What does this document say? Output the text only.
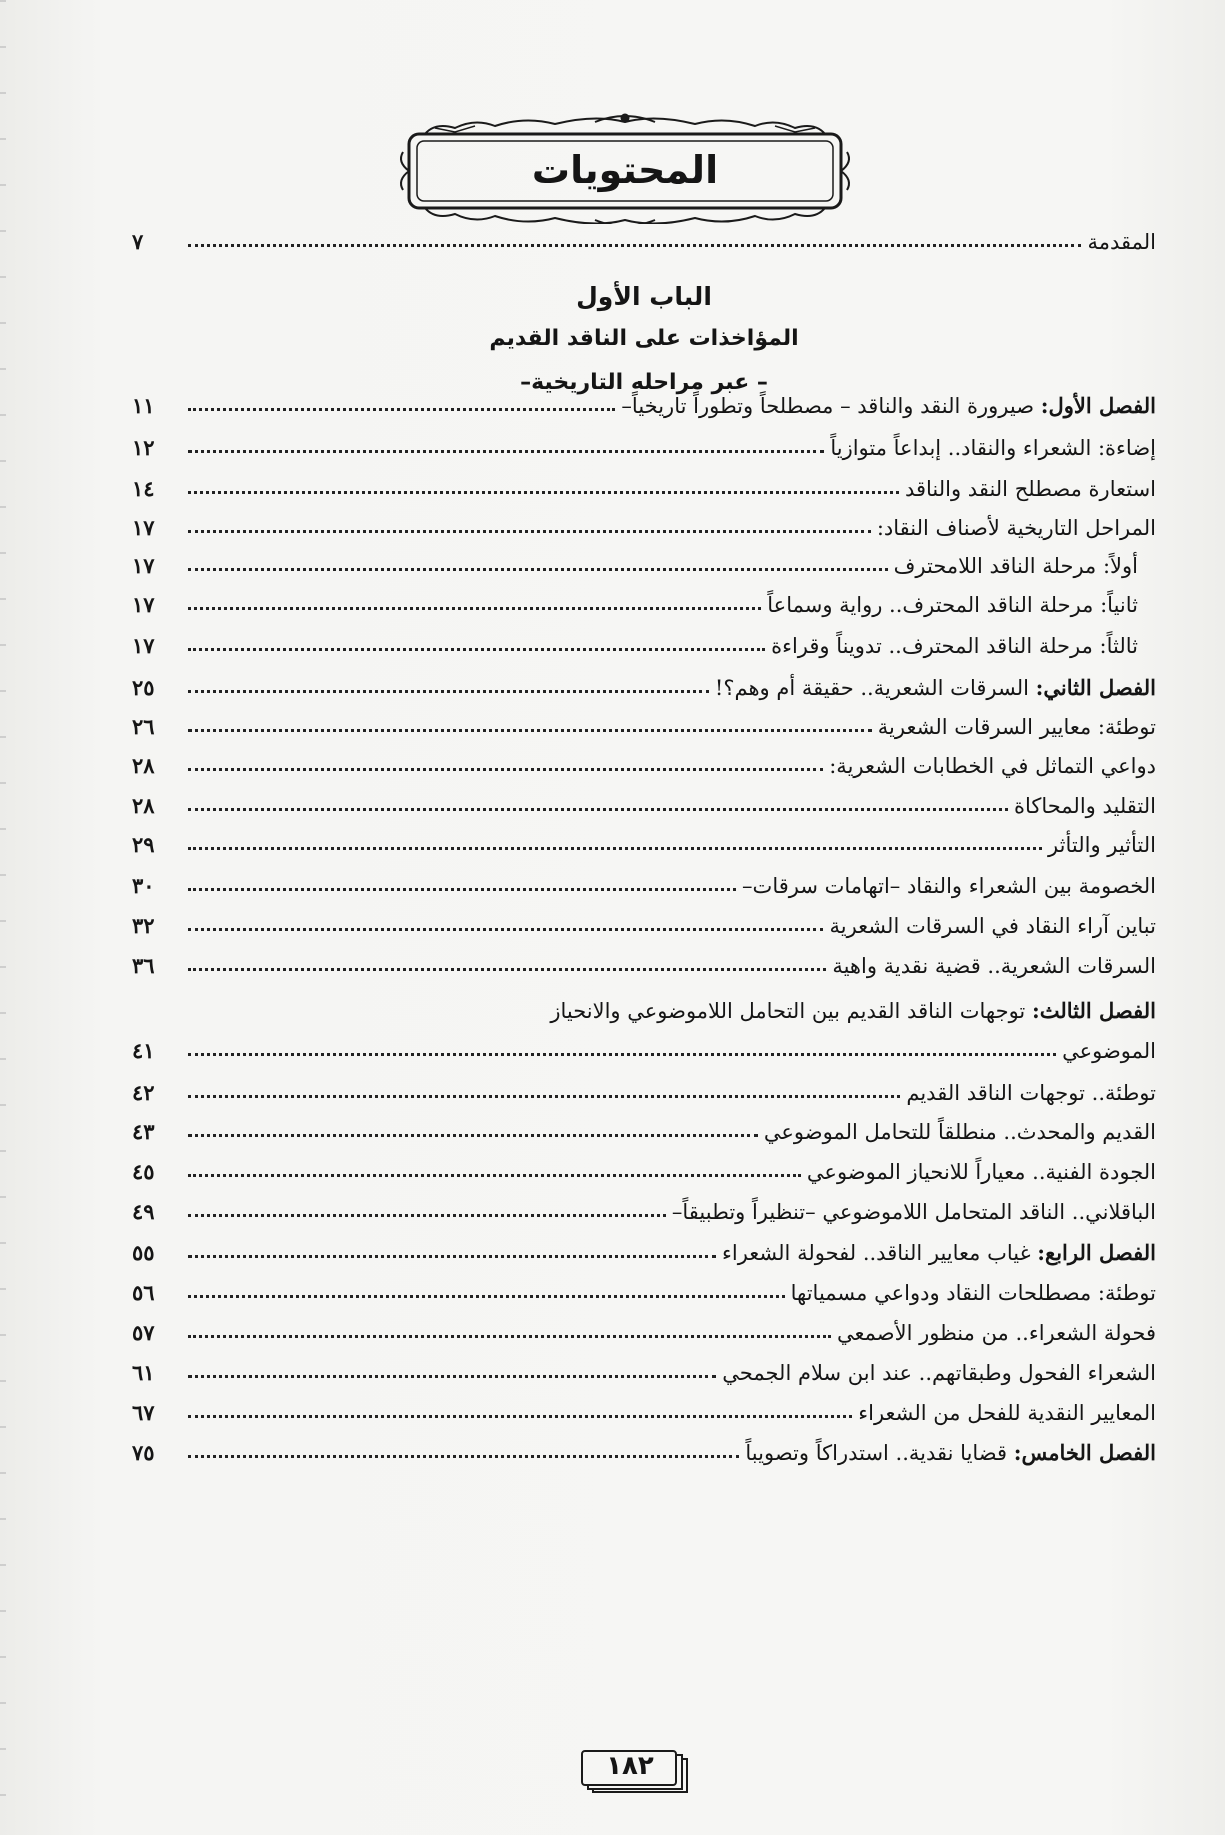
المحتويات
المقدمة
٧
الباب الأول
المؤاخذات على الناقد القديم
– عبر مراحله التاريخية–
الفصل الأول: صيرورة النقد والناقد – مصطلحاً وتطوراً تاريخياً–
١١
إضاءة: الشعراء والنقاد.. إبداعاً متوازياً
١٢
استعارة مصطلح النقد والناقد
١٤
المراحل التاريخية لأصناف النقاد:
١٧
أولاً: مرحلة الناقد اللامحترف
١٧
ثانياً: مرحلة الناقد المحترف.. رواية وسماعاً
١٧
ثالثاً: مرحلة الناقد المحترف.. تدويناً وقراءة
١٧
الفصل الثاني: السرقات الشعرية.. حقيقة أم وهم؟!
٢٥
توطئة: معايير السرقات الشعرية
٢٦
دواعي التماثل في الخطابات الشعرية:
٢٨
التقليد والمحاكاة
٢٨
التأثير والتأثر
٢٩
الخصومة بين الشعراء والنقاد –اتهامات سرقات–
٣٠
تباين آراء النقاد في السرقات الشعرية
٣٢
السرقات الشعرية.. قضية نقدية واهية
٣٦
الفصل الثالث: توجهات الناقد القديم بين التحامل اللاموضوعي والانحياز
الموضوعي
٤١
توطئة.. توجهات الناقد القديم
٤٢
القديم والمحدث.. منطلقاً للتحامل الموضوعي
٤٣
الجودة الفنية.. معياراً للانحياز الموضوعي
٤٥
الباقلاني.. الناقد المتحامل اللاموضوعي –تنظيراً وتطبيقاً–
٤٩
الفصل الرابع: غياب معايير الناقد.. لفحولة الشعراء
٥٥
توطئة: مصطلحات النقاد ودواعي مسمياتها
٥٦
فحولة الشعراء.. من منظور الأصمعي
٥٧
الشعراء الفحول وطبقاتهم.. عند ابن سلام الجمحي
٦١
المعايير النقدية للفحل من الشعراء
٦٧
الفصل الخامس: قضايا نقدية.. استدراكاً وتصويباً
٧٥
١٨٢
